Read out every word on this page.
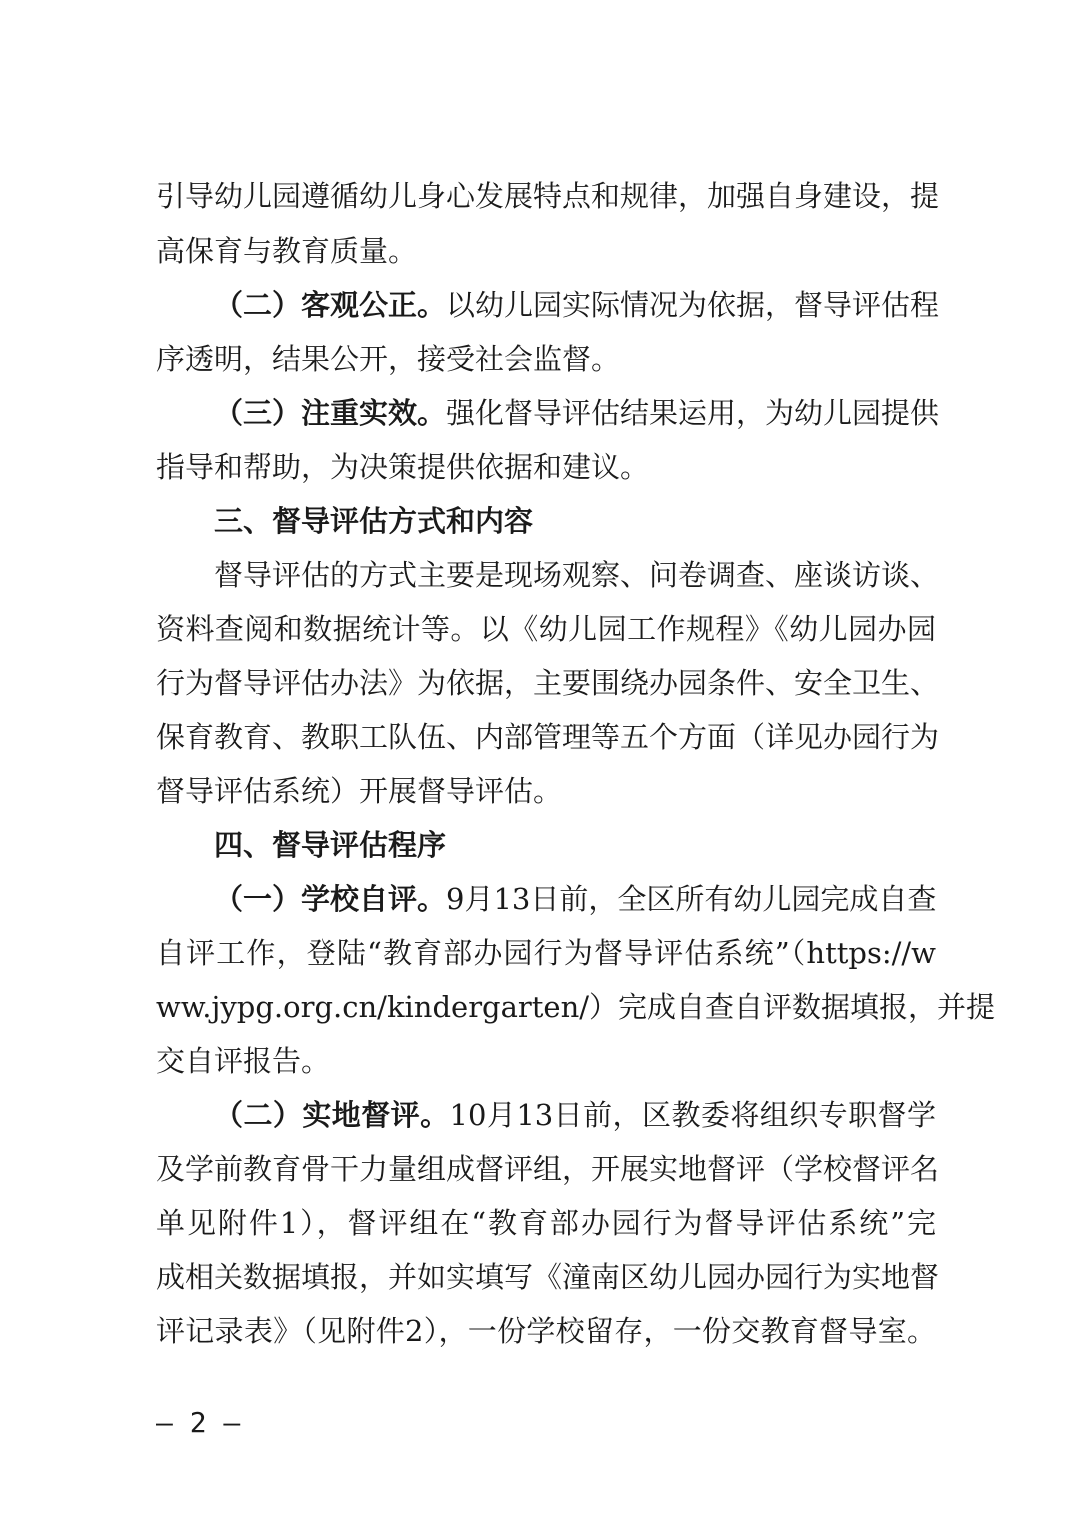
引导幼儿园遵循幼儿身心发展特点和规律，加强自身建设，提
高保育与教育质量。
（二）客观公正。以幼儿园实际情况为依据，督导评估程
序透明，结果公开，接受社会监督。
（三）注重实效。强化督导评估结果运用，为幼儿园提供
指导和帮助，为决策提供依据和建议。
三、督导评估方式和内容
督导评估的方式主要是现场观察、问卷调查、座谈访谈、
资料查阅和数据统计等。以《幼儿园工作规程》《幼儿园办园
行为督导评估办法》为依据，主要围绕办园条件、安全卫生、
保育教育、教职工队伍、内部管理等五个方面（详见办园行为
督导评估系统）开展督导评估。
四、督导评估程序
（一）学校自评。9月13日前，全区所有幼儿园完成自查
自评工作，登陆“教育部办园行为督导评估系统”（https://w
ww.jypg.org.cn/kindergarten/）完成自查自评数据填报，并提
交自评报告。
（二）实地督评。10月13日前，区教委将组织专职督学
及学前教育骨干力量组成督评组，开展实地督评（学校督评名
单见附件1），督评组在“教育部办园行为督导评估系统”完
成相关数据填报，并如实填写《潼南区幼儿园办园行为实地督
评记录表》（见附件2），一份学校留存，一份交教育督导室。
– 2 –
